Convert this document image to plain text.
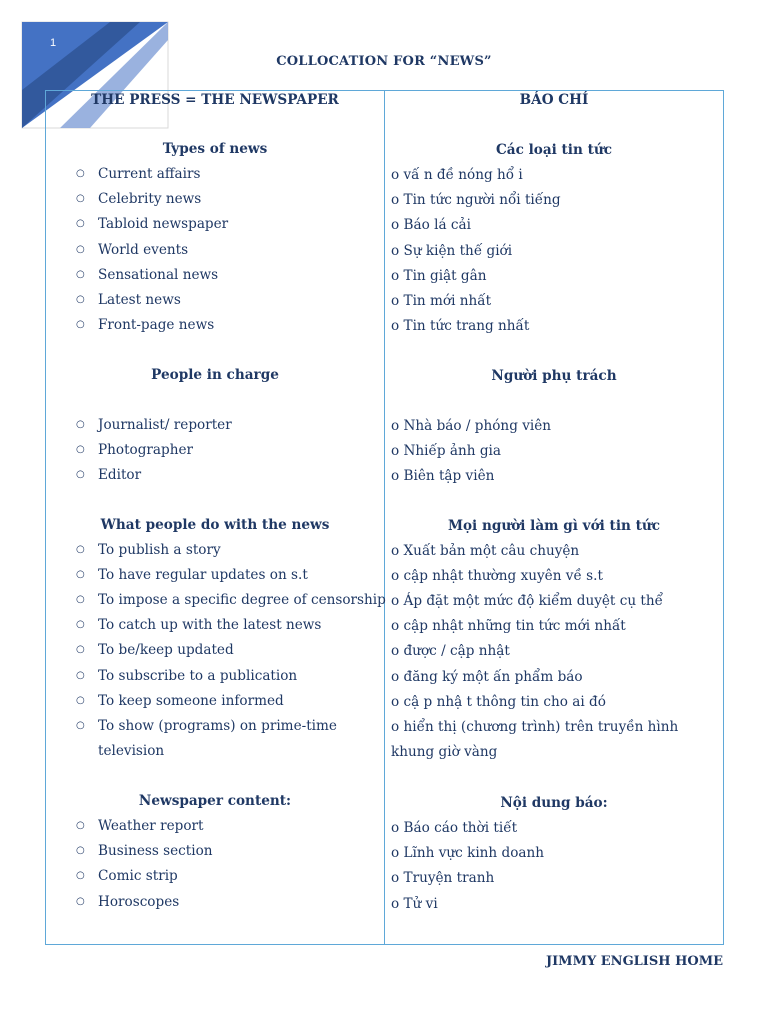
1
COLLOCATION FOR “NEWS”
THE PRESS = THE NEWSPAPER
Types of news
○ Current affairs
○ Celebrity news
○ Tabloid newspaper
○ World events
○ Sensational news
○ Latest news
○ Front-page news
People in charge
○ Journalist/ reporter
○ Photographer
○ Editor
What people do with the news
○ To publish a story
○ To have regular updates on s.t
○ To impose a specific degree of censorship
○ To catch up with the latest news
○ To be/keep updated
○ To subscribe to a publication
○ To keep someone informed
○ To show (programs) on prime-time
television
Newspaper content:
○ Weather report
○ Business section
○ Comic strip
○ Horoscopes
BÁO CHÍ
Các loại tin tức
o vấ n đề nóng hổ i
o Tin tức người nổi tiếng
o Báo lá cải
o Sự kiện thế giới
o Tin giật gân
o Tin mới nhất
o Tin tức trang nhất
Người phụ trách
o Nhà báo / phóng viên
o Nhiếp ảnh gia
o Biên tập viên
Mọi người làm gì với tin tức
o Xuất bản một câu chuyện
o cập nhật thường xuyên về s.t
o Áp đặt một mức độ kiểm duyệt cụ thể
o cập nhật những tin tức mới nhất
o được / cập nhật
o đăng ký một ấn phẩm báo
o cậ p nhậ t thông tin cho ai đó
o hiển thị (chương trình) trên truyền hình
khung giờ vàng
Nội dung báo:
o Báo cáo thời tiết
o Lĩnh vực kinh doanh
o Truyện tranh
o Tử vi
JIMMY ENGLISH HOME
